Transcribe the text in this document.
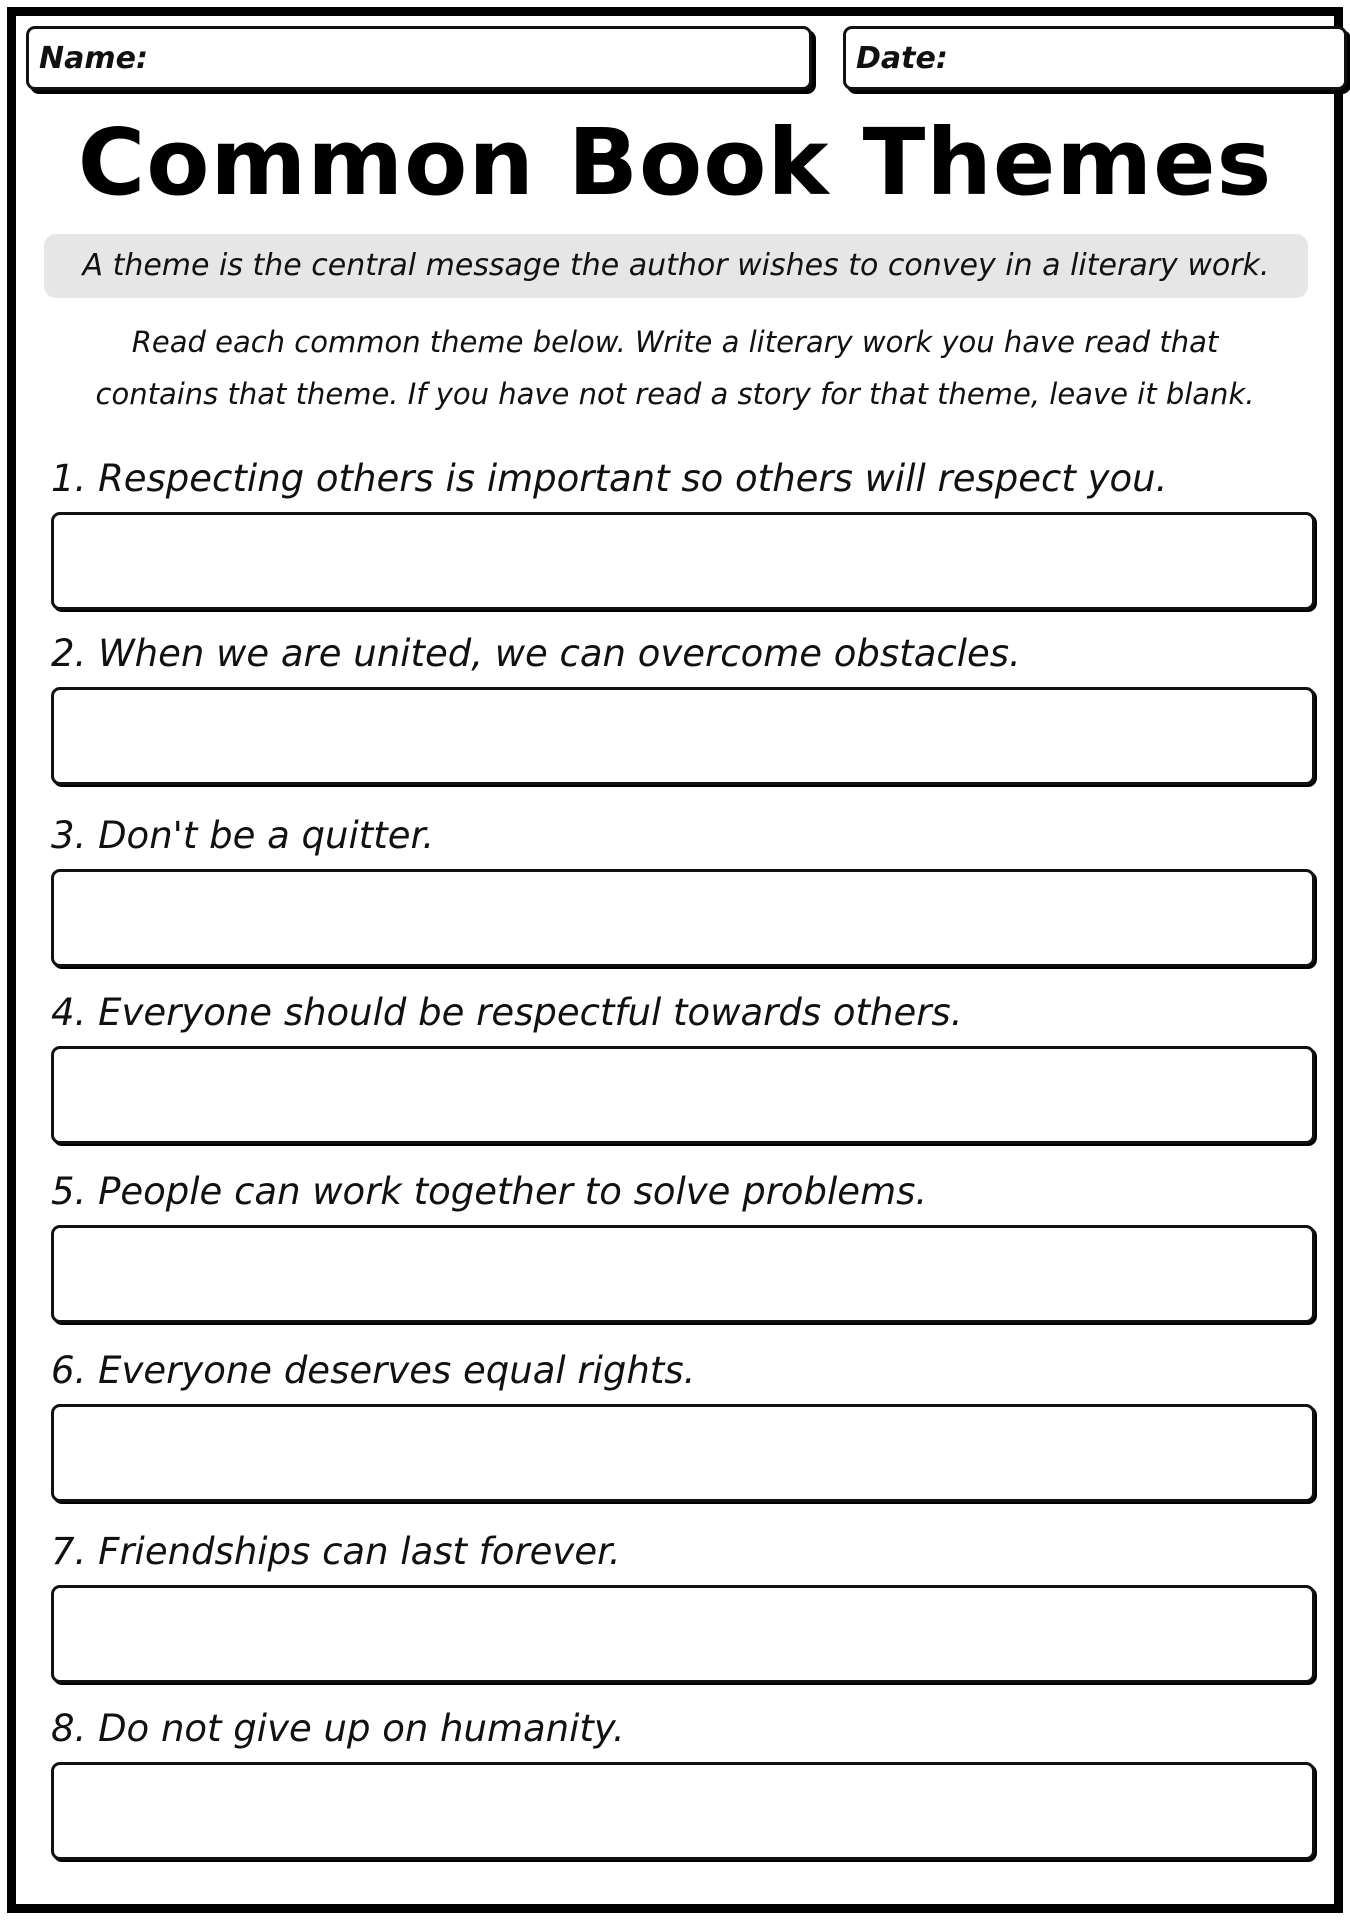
Name:	Date:
Common Book Themes
A theme is the central message the author wishes to convey in a literary work.
Read each common theme below. Write a literary work you have read that
contains that theme. If you have not read a story for that theme, leave it blank.
1. Respecting others is important so others will respect you.
2. When we are united, we can overcome obstacles.
3. Don't be a quitter.
4. Everyone should be respectful towards others.
5. People can work together to solve problems.
6. Everyone deserves equal rights.
7. Friendships can last forever.
8. Do not give up on humanity.
